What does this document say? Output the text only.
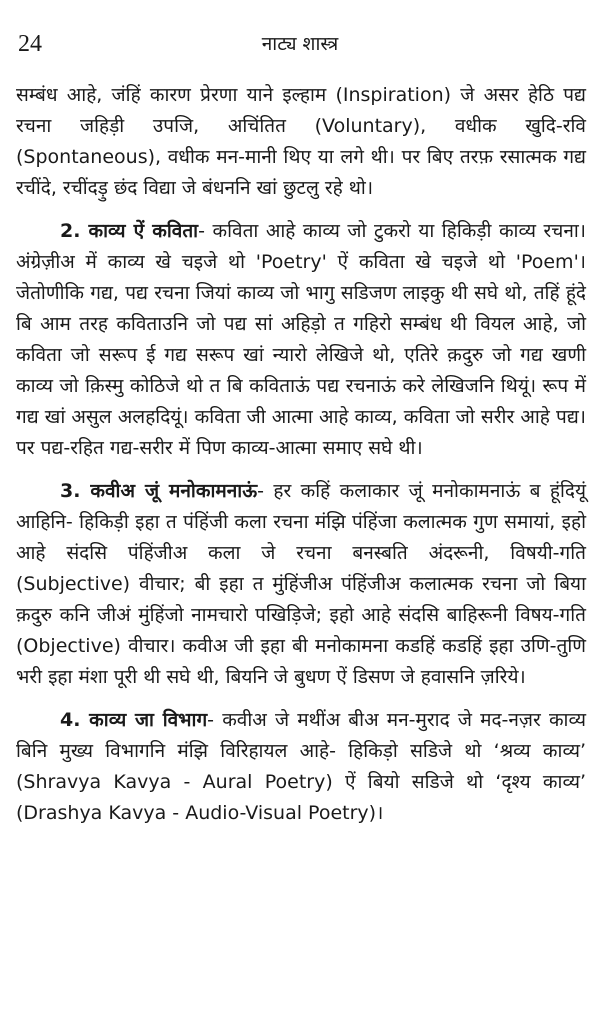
24	नाट्य शास्त्र

सम्बंध आहे, जंहिं कारण प्रेरणा याने इल्हाम (Inspiration) जे असर हेठि पद्य रचना जहिड़ी उपजि, अचिंतित (Voluntary), वधीक खुदि-रवि (Spontaneous), वधीक मन-मानी थिए या लगे थी। पर बिए तरफ़ रसात्मक गद्य रचींदे, रचींदड़ु छंद विद्या जे बंधननि खां छुटलु रहे थो।

2. काव्य ऐं कविता- कविता आहे काव्य जो टुकरो या हिकिड़ी काव्य रचना। अंग्रेज़ीअ में काव्य खे चइजे थो 'Poetry' ऐं कविता खे चइजे थो 'Poem'। जेतोणीकि गद्य, पद्य रचना जियां काव्य जो भागु सडिजण लाइकु थी सघे थो, तहिं हूंदे बि आम तरह कविताउनि जो पद्य सां अहिड़ो त गहिरो सम्बंध थी वियल आहे, जो कविता जो सरूप ई गद्य सरूप खां न्यारो लेखिजे थो, एतिरे क़दुरु जो गद्य खणी काव्य जो क़िस्मु कोठिजे थो त बि कविताऊं पद्य रचनाऊं करे लेखिजनि थियूं। रूप में गद्य खां असुल अलहदियूं। कविता जी आत्मा आहे काव्य, कविता जो सरीर आहे पद्य। पर पद्य-रहित गद्य-सरीर में पिण काव्य-आत्मा समाए सघे थी।

3. कवीअ जूं मनोकामनाऊं- हर कहिं कलाकार जूं मनोकामनाऊं ब हूंदियूं आहिनि- हिकिड़ी इहा त पंहिंजी कला रचना मंझि पंहिंजा कलात्मक गुण समायां, इहो आहे संदसि पंहिंजीअ कला जे रचना बनस्बति अंदरूनी, विषयी-गति (Subjective) वीचार; बी इहा त मुंहिंजीअ पंहिंजीअ कलात्मक रचना जो बिया क़दुरु कनि जीअं मुंहिंजो नामचारो पखिड़िजे; इहो आहे संदसि बाहिरूनी विषय-गति (Objective) वीचार। कवीअ जी इहा बी मनोकामना कडहिं कडहिं इहा उणि-तुणि भरी इहा मंशा पूरी थी सघे थी, बियनि जे बुधण ऐं डिसण जे हवासनि ज़रिये।

4. काव्य जा विभाग- कवीअ जे मथींअ बीअ मन-मुराद जे मद-नज़र काव्य बिनि मुख्य विभागनि मंझि विरिहायल आहे- हिकिड़ो सडिजे थो ‘श्रव्य काव्य’ (Shravya Kavya - Aural Poetry) ऐं बियो सडिजे थो ‘दृश्य काव्य’ (Drashya Kavya - Audio-Visual Poetry)।
